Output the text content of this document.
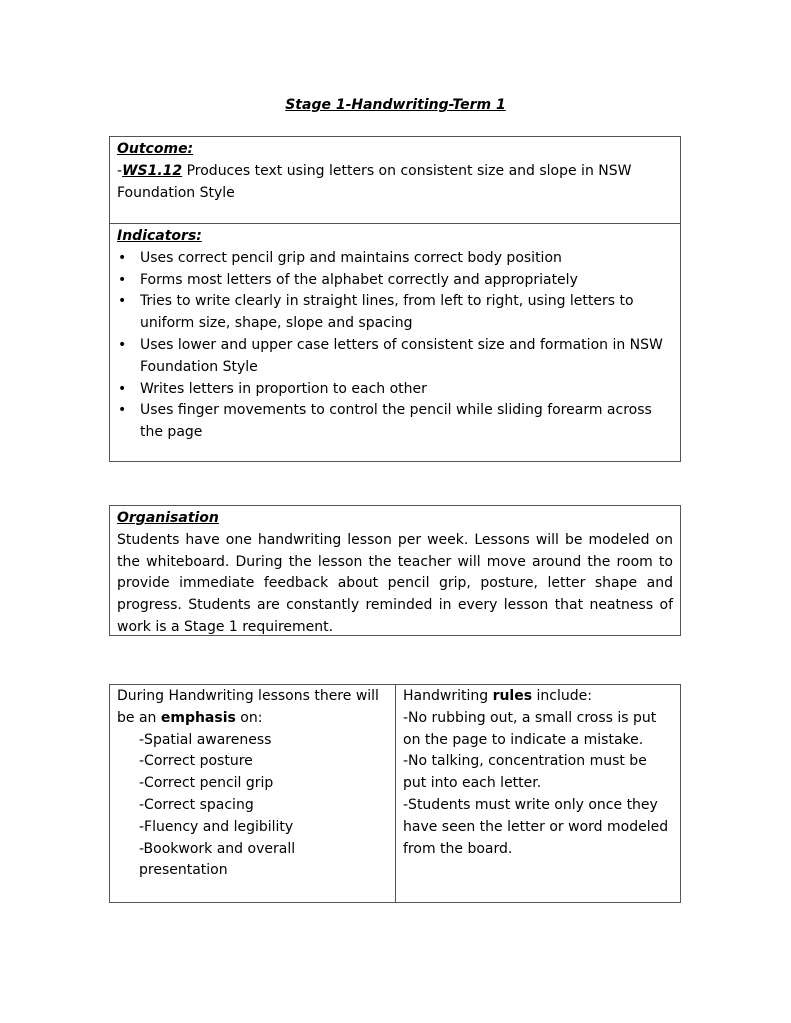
Stage 1-Handwriting-Term 1
Outcome:
-WS1.12 Produces text using letters on consistent size and slope in NSW Foundation Style
Indicators:
• Uses correct pencil grip and maintains correct body position
• Forms most letters of the alphabet correctly and appropriately
• Tries to write clearly in straight lines, from left to right, using letters to uniform size, shape, slope and spacing
• Uses lower and upper case letters of consistent size and formation in NSW Foundation Style
• Writes letters in proportion to each other
• Uses finger movements to control the pencil while sliding forearm across the page
Organisation
Students have one handwriting lesson per week. Lessons will be modeled on the whiteboard. During the lesson the teacher will move around the room to provide immediate feedback about pencil grip, posture, letter shape and progress. Students are constantly reminded in every lesson that neatness of work is a Stage 1 requirement.
During Handwriting lessons there will be an emphasis on:
-Spatial awareness
-Correct posture
-Correct pencil grip
-Correct spacing
-Fluency and legibility
-Bookwork and overall presentation
Handwriting rules include:
-No rubbing out, a small cross is put on the page to indicate a mistake.
-No talking, concentration must be put into each letter.
-Students must write only once they have seen the letter or word modeled from the board.
